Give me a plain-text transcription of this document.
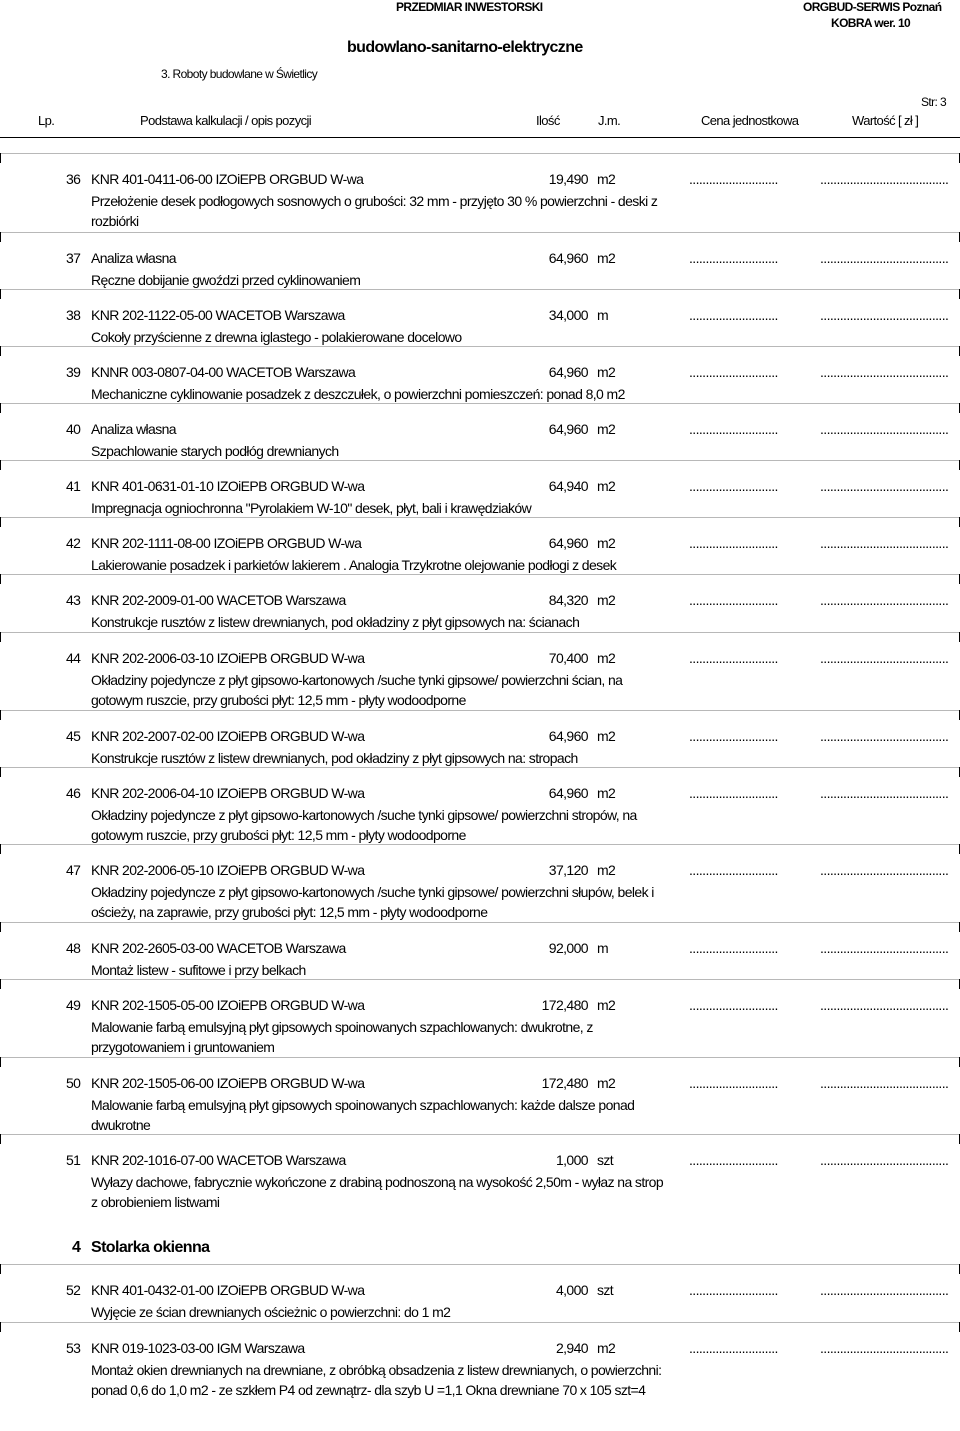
PRZEDMIAR INWESTORSKI	ORGBUD-SERWIS Poznań
KOBRA wer. 10
budowlano-sanitarno-elektryczne
3. Roboty budowlane w Świetlicy
Str: 3
Lp.	Podstawa kalkulacji / opis pozycji	Ilość	J.m.	Cena jednostkowa	Wartość [ zł ]
36 KNR 401-0411-06-00 IZOiEPB ORGBUD W-wa	19,490 m2	...........................	.......................................
Przełożenie desek podłogowych sosnowych o grubości: 32 mm - przyjęto 30 % powierzchni - deski z rozbiórki
37 Analiza własna	64,960 m2	...........................	.......................................
Ręczne dobijanie gwoździ przed cyklinowaniem
38 KNR 202-1122-05-00 WACETOB Warszawa	34,000 m	...........................	.......................................
Cokoły przyścienne z drewna iglastego - polakierowane docelowo
39 KNNR 003-0807-04-00 WACETOB Warszawa	64,960 m2	...........................	.......................................
Mechaniczne cyklinowanie posadzek z deszczułek, o powierzchni pomieszczeń: ponad 8,0 m2
40 Analiza własna	64,960 m2	...........................	.......................................
Szpachlowanie starych podłóg drewnianych
41 KNR 401-0631-01-10 IZOiEPB ORGBUD W-wa	64,940 m2	...........................	.......................................
Impregnacja ogniochronna "Pyrolakiem W-10" desek, płyt, bali i krawędziaków
42 KNR 202-1111-08-00 IZOiEPB ORGBUD W-wa	64,960 m2	...........................	.......................................
Lakierowanie posadzek i parkietów lakierem . Analogia Trzykrotne olejowanie podłogi z desek
43 KNR 202-2009-01-00 WACETOB Warszawa	84,320 m2	...........................	.......................................
Konstrukcje rusztów z listew drewnianych, pod okładziny z płyt gipsowych na: ścianach
44 KNR 202-2006-03-10 IZOiEPB ORGBUD W-wa	70,400 m2	...........................	.......................................
Okładziny pojedyncze z płyt gipsowo-kartonowych /suche tynki gipsowe/ powierzchni ścian, na gotowym ruszcie, przy grubości płyt: 12,5 mm - płyty wodoodporne
45 KNR 202-2007-02-00 IZOiEPB ORGBUD W-wa	64,960 m2	...........................	.......................................
Konstrukcje rusztów z listew drewnianych, pod okładziny z płyt gipsowych na: stropach
46 KNR 202-2006-04-10 IZOiEPB ORGBUD W-wa	64,960 m2	...........................	.......................................
Okładziny pojedyncze z płyt gipsowo-kartonowych /suche tynki gipsowe/ powierzchni stropów, na gotowym ruszcie, przy grubości płyt: 12,5 mm - płyty wodoodporne
47 KNR 202-2006-05-10 IZOiEPB ORGBUD W-wa	37,120 m2	...........................	.......................................
Okładziny pojedyncze z płyt gipsowo-kartonowych /suche tynki gipsowe/ powierzchni słupów, belek i ościeży, na zaprawie, przy grubości płyt: 12,5 mm - płyty wodoodporne
48 KNR 202-2605-03-00 WACETOB Warszawa	92,000 m	...........................	.......................................
Montaż listew - sufitowe i przy belkach
49 KNR 202-1505-05-00 IZOiEPB ORGBUD W-wa	172,480 m2	...........................	.......................................
Malowanie farbą emulsyjną płyt gipsowych spoinowanych szpachlowanych: dwukrotne, z przygotowaniem i gruntowaniem
50 KNR 202-1505-06-00 IZOiEPB ORGBUD W-wa	172,480 m2	...........................	.......................................
Malowanie farbą emulsyjną płyt gipsowych spoinowanych szpachlowanych: każde dalsze ponad dwukrotne
51 KNR 202-1016-07-00 WACETOB Warszawa	1,000 szt	...........................	.......................................
Wyłazy dachowe, fabrycznie wykończone z drabiną podnoszoną na wysokość 2,50m - wyłaz na strop z obrobieniem listwami
4 Stolarka okienna
52 KNR 401-0432-01-00 IZOiEPB ORGBUD W-wa	4,000 szt	...........................	.......................................
Wyjęcie ze ścian drewnianych ościeżnic o powierzchni: do 1 m2
53 KNR 019-1023-03-00 IGM Warszawa	2,940 m2	...........................	.......................................
Montaż okien drewnianych na drewniane, z obróbką obsadzenia z listew drewnianych, o powierzchni: ponad 0,6 do 1,0 m2 - ze szkłem P4 od zewnątrz- dla szyb U =1,1 Okna drewniane 70 x 105 szt=4
